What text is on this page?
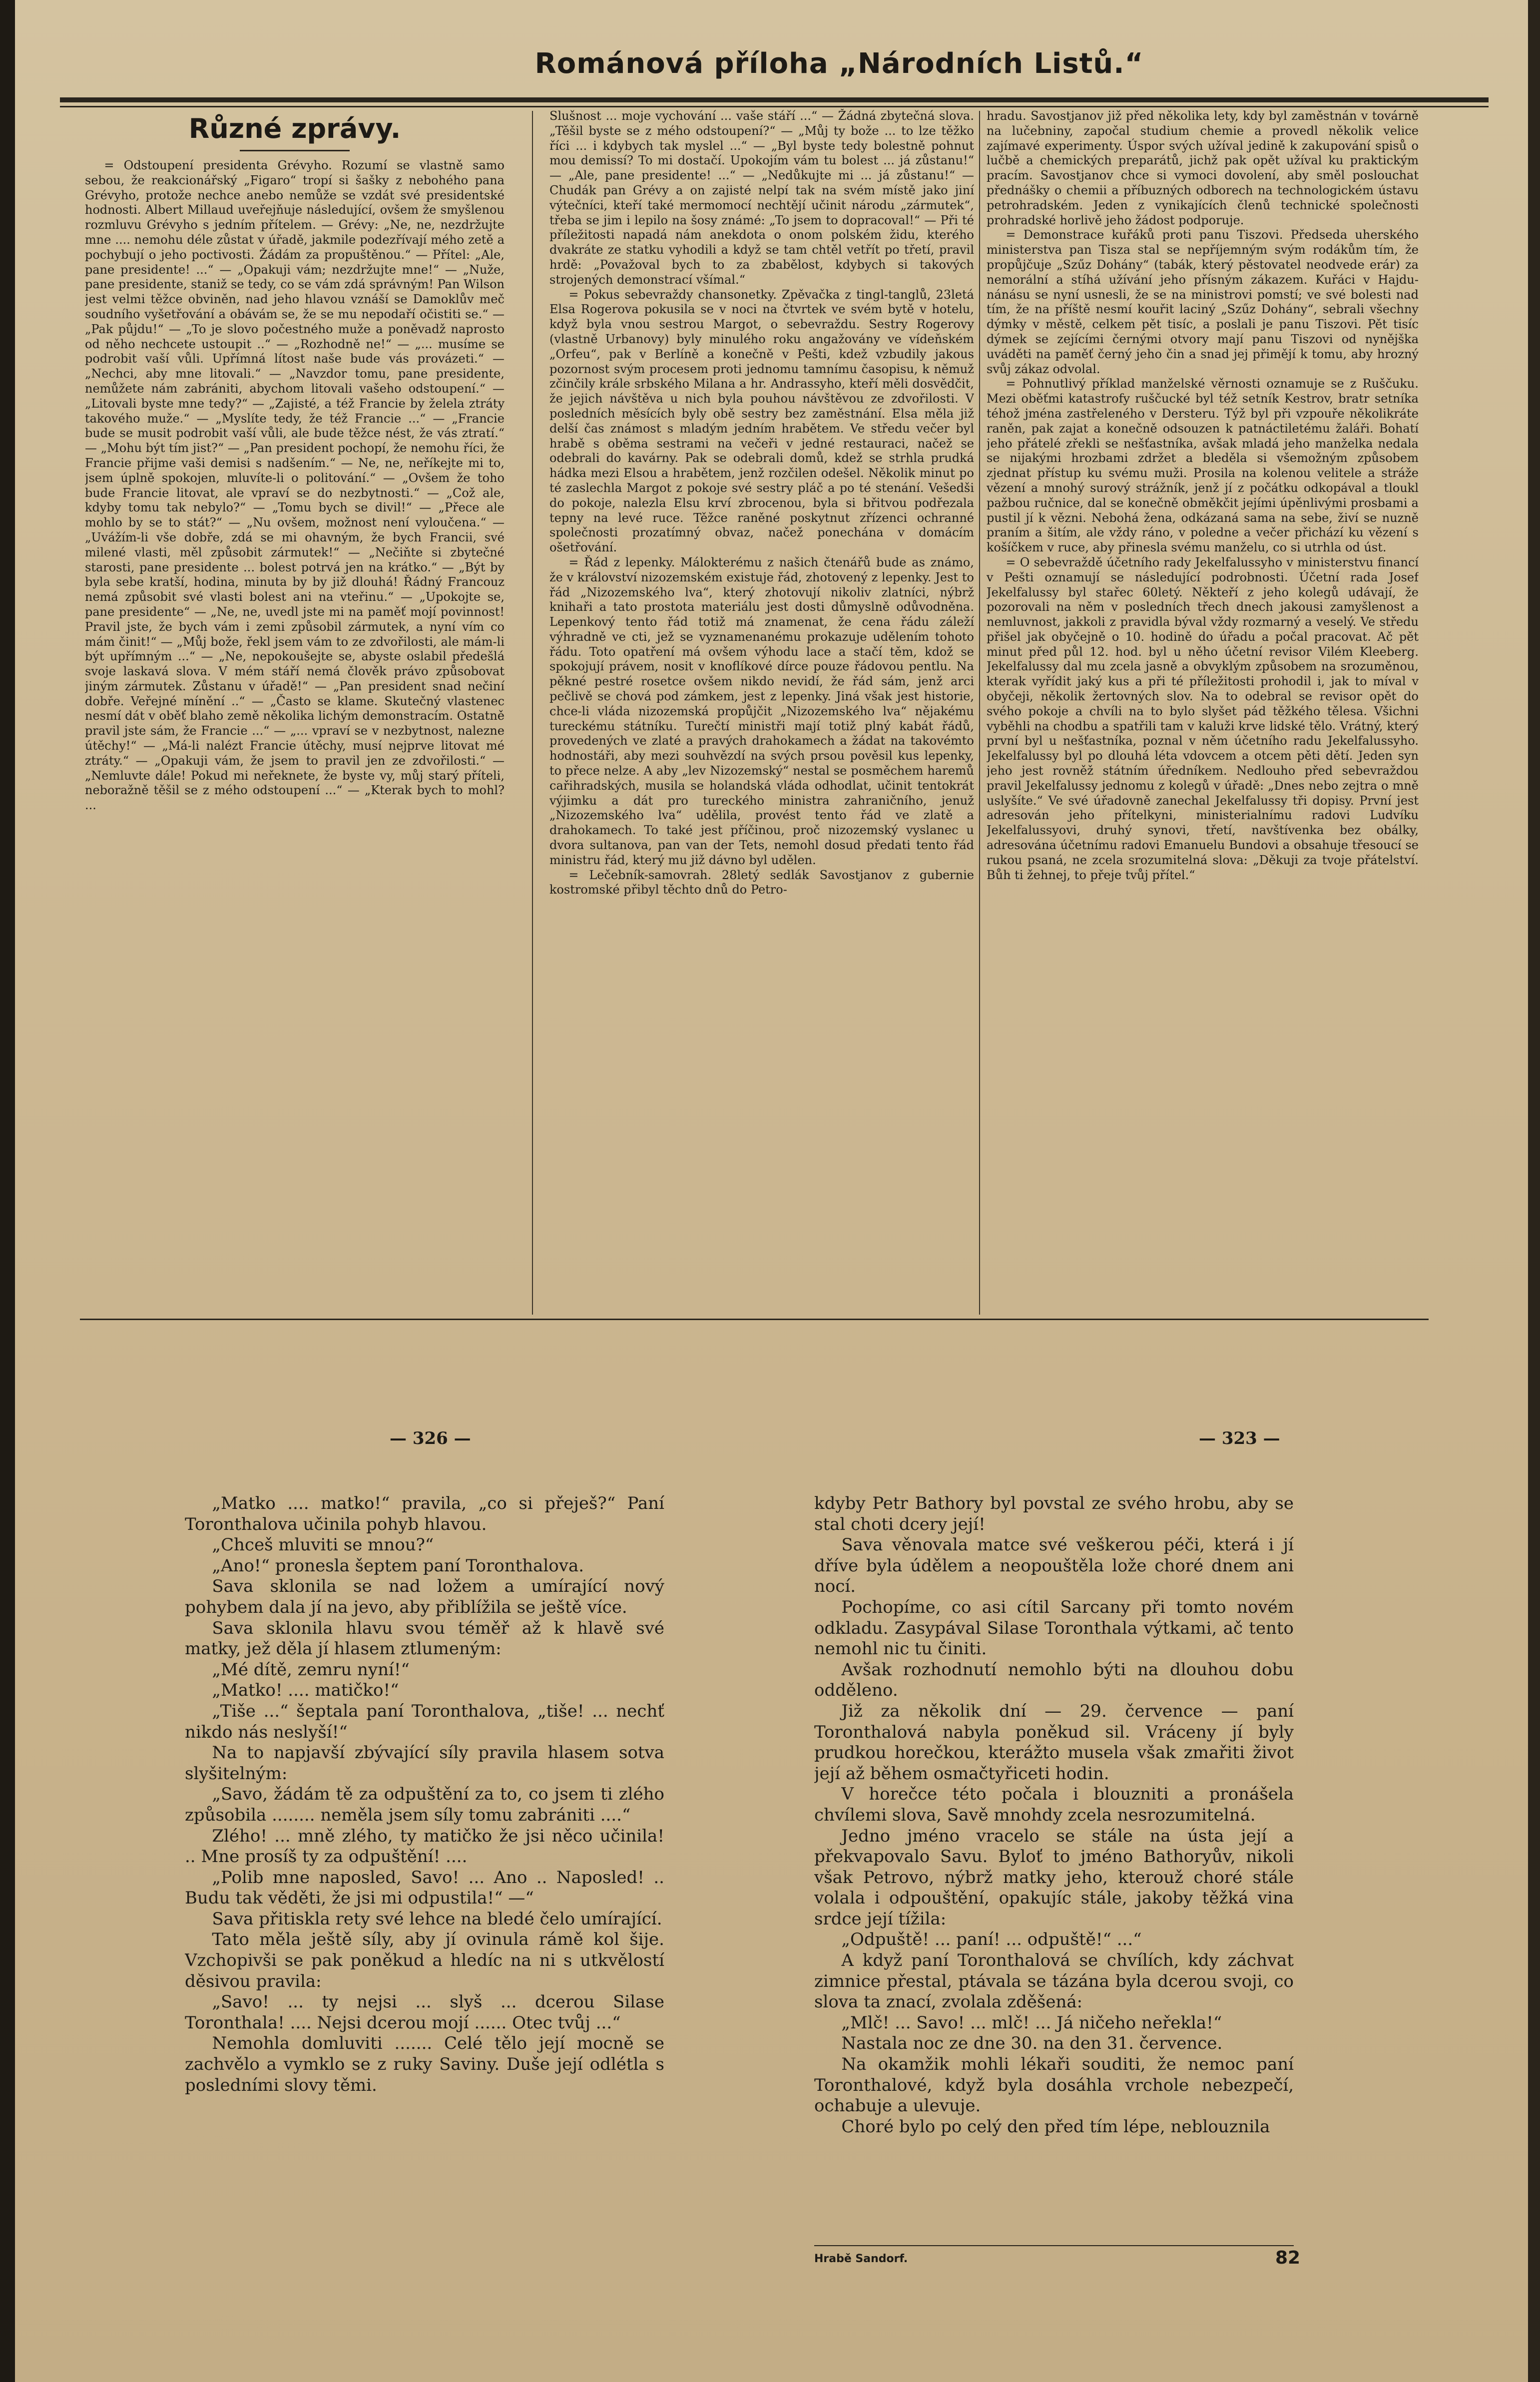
Románová příloha „Národních Listů.“
Různé zprávy.

= Odstoupení presidenta Grévyho. Rozumí se vlastně samo sebou, že reakcionářský „Figaro“ tropí si šašky z nebohého pana Grévyho, protože nechce anebo nemůže se vzdát své presidentské hodnosti. Albert Millaud uveřejňuje následující, ovšem že smyšlenou rozmluvu Grévyho s jedním přítelem. — Grévy: „Ne, ne, nezdržujte mne .... nemohu déle zůstat v úřadě, jakmile podezřívají mého zetě a pochybují o jeho poctivosti. Žádám za propuštěnou.“ — Přítel: „Ale, pane presidente! ...“ — „Opakuji vám; nezdržujte mne!“ — „Nuže, pane presidente, staniž se tedy, co se vám zdá správným! Pan Wilson jest velmi těžce obviněn, nad jeho hlavou vznáší se Damoklův meč soudního vyšetřování a obávám se, že se mu nepodaří očistiti se.“ — „Pak půjdu!“ — „To je slovo počestného muže a poněvadž naprosto od něho nechcete ustoupit ..“ — „Rozhodně ne!“ — „... musíme se podrobit vaší vůli. Upřímná lítost naše bude vás provázeti.“ — „Nechci, aby mne litovali.“ — „Navzdor tomu, pane presidente, nemůžete nám zabrániti, abychom litovali vašeho odstoupení.“ — „Litovali byste mne tedy?“ — „Zajisté, a též Francie by želela ztráty takového muže.“ — „Myslíte tedy, že též Francie ...“ — „Francie bude se musit podrobit vaší vůli, ale bude těžce nést, že vás ztratí.“ — „Mohu být tím jist?“ — „Pan president pochopí, že nemohu říci, že Francie přijme vaši demisi s nadšením.“ — Ne, ne, neříkejte mi to, jsem úplně spokojen, mluvíte-li o politování.“ — „Ovšem že toho bude Francie litovat, ale vpraví se do nezbytnosti.“ — „Což ale, kdyby tomu tak nebylo?“ — „Tomu bych se divil!“ — „Přece ale mohlo by se to stát?“ — „Nu ovšem, možnost není vyloučena.“ — „Uvážím-li vše dobře, zdá se mi ohavným, že bych Francii, své milené vlasti, měl způsobit zármutek!“ — „Nečiňte si zbytečné starosti, pane presidente ... bolest potrvá jen na krátko.“ — „Být by byla sebe kratší, hodina, minuta by by již dlouhá! Řádný Francouz nemá způsobit své vlasti bolest ani na vteřinu.“ — „Upokojte se, pane presidente“ — „Ne, ne, uvedl jste mi na paměť mojí povinnost! Pravil jste, že bych vám i zemi způsobil zármutek, a nyní vím co mám činit!“ — „Můj bože, řekl jsem vám to ze zdvořilosti, ale mám-li být upřímným ...“ — „Ne, nepokoušejte se, abyste oslabil předešlá svoje laskavá slova. V mém stáří nemá člověk právo způsobovat jiným zármutek. Zůstanu v úřadě!“ — „Pan president snad nečiní dobře. Veřejné mínění ..“ — „Často se klame. Skutečný vlastenec nesmí dát v oběť blaho země několika lichým demonstracím. Ostatně pravil jste sám, že Francie ...“ — „... vpraví se v nezbytnost, nalezne útěchy!“ — „Má-li nalézt Francie útěchy, musí nejprve litovat mé ztráty.“ — „Opakuji vám, že jsem to pravil jen ze zdvořilosti.“ — „Nemluvte dále! Pokud mi neřeknete, že byste vy, můj starý příteli, neboražně těšil se z mého odstoupení ...“ — „Kterak bych to mohl? ...

Slušnost ... moje vychování ... vaše stáří ...“ — Žádná zbytečná slova. „Těšil byste se z mého odstoupení?“ — „Můj ty bože ... to lze těžko říci ... i kdybych tak myslel ...“ — „Byl byste tedy bolestně pohnut mou demissí? To mi dostačí. Upokojím vám tu bolest ... já zůstanu!“ — „Ale, pane presidente! ...“ — „Nedůkujte mi ... já zůstanu!“ — Chudák pan Grévy a on zajisté nelpí tak na svém místě jako jiní výtečníci, kteří také mermomocí nechtějí učinit národu „zármutek“, třeba se jim i lepilo na šosy známé: „To jsem to dopracoval!“ — Při té příležitosti napadá nám anekdota o onom polském židu, kterého dvakráte ze statku vyhodili a když se tam chtěl vetřít po třetí, pravil hrdě: „Považoval bych to za zbabělost, kdybych si takových strojených demonstrací všímal.“

= Pokus sebevraždy chansonetky. Zpěvačka z tingl-tanglů, 23letá Elsa Rogerova pokusila se v noci na čtvrtek ve svém bytě v hotelu, když byla vnou sestrou Margot, o sebevraždu. Sestry Rogerovy (vlastně Urbanovy) byly minulého roku angažovány ve vídeňském „Orfeu“, pak v Berlíně a konečně v Pešti, kdež vzbudily jakous pozornost svým procesem proti jednomu tamnímu časopisu, k němuž zčinčily krále srbského Milana a hr. Andrassyho, kteří měli dosvědčit, že jejich návštěva u nich byla pouhou návštěvou ze zdvořilosti. V posledních měsících byly obě sestry bez zaměstnání. Elsa měla již delší čas známost s mladým jedním hrabětem. Ve středu večer byl hrabě s oběma sestrami na večeři v jedné restauraci, načež se odebrali do kavárny. Pak se odebrali domů, kdež se strhla prudká hádka mezi Elsou a hrabětem, jenž rozčilen odešel. Několik minut po té zaslechla Margot z pokoje své sestry pláč a po té stenání. Vešedši do pokoje, nalezla Elsu krví zbrocenou, byla si břitvou podřezala tepny na levé ruce. Těžce raněné poskytnut zřízenci ochranné společnosti prozatímný obvaz, načež ponechána v domácím ošetřování.

= Řád z lepenky. Málokterému z našich čtenářů bude as známo, že v království nizozemském existuje řád, zhotovený z lepenky. Jest to řád „Nizozemského lva“, který zhotovují nikoliv zlatníci, nýbrž knihaři a tato prostota materiálu jest dosti důmyslně odůvodněna. Lepenkový tento řád totiž má znamenat, že cena řádu záleží výhradně ve cti, jež se vyznamenanému prokazuje udělením tohoto řádu. Toto opatření má ovšem výhodu lace a stačí těm, kdož se spokojují právem, nosit v knoflíkové dírce pouze řádovou pentlu. Na pěkné pestré rosetce ovšem nikdo nevidí, že řád sám, jenž arci pečlivě se chová pod zámkem, jest z lepenky. Jiná však jest historie, chce-li vláda nizozemská propůjčit „Nizozemského lva“ nějakému tureckému státníku. Turečtí ministři mají totiž plný kabát řádů, provedených ve zlaté a pravých drahokamech a žádat na takovémto hodnostáři, aby mezi souhvězdí na svých prsou pověsil kus lepenky, to přece nelze. A aby „lev Nizozemský“ nestal se posměchem haremů cařihradských, musila se holandská vláda odhodlat, učinit tentokrát výjimku a dát pro tureckého ministra zahraničního, jenuž „Nizozemského lva“ udělila, provést tento řád ve zlatě a drahokamech. To také jest příčinou, proč nizozemský vyslanec u dvora sultanova, pan van der Tets, nemohl dosud předati tento řád ministru řád, který mu již dávno byl udělen.

= Lečebník-samovrah. 28letý sedlák Savostjanov z gubernie kostromské přibyl těchto dnů do Petro-

hradu. Savostjanov již před několika lety, kdy byl zaměstnán v továrně na lučebniny, započal studium chemie a provedl několik velice zajímavé experimenty. Úspor svých užíval jedině k zakupování spisů o lučbě a chemických preparátů, jichž pak opět užíval ku praktickým pracím. Savostjanov chce si vymoci dovolení, aby směl poslouchat přednášky o chemii a příbuzných odborech na technologickém ústavu petrohradském. Jeden z vynikajících členů technické společnosti prohradské horlivě jeho žádost podporuje.

= Demonstrace kuřáků proti panu Tiszovi. Předseda uherského ministerstva pan Tisza stal se nepříjemným svým rodákům tím, že propůjčuje „Szűz Dohány“ (tabák, který pěstovatel neodvede erár) za nemorální a stíhá užívání jeho přísným zákazem. Kuřáci v Hajdu-nánásu se nyní usnesli, že se na ministrovi pomstí; ve své bolesti nad tím, že na příště nesmí kouřit laciný „Szűz Dohány“, sebrali všechny dýmky v městě, celkem pět tisíc, a poslali je panu Tiszovi. Pět tisíc dýmek se zejícími černými otvory mají panu Tiszovi od nynějška uváděti na paměť černý jeho čin a snad jej přimějí k tomu, aby hrozný svůj zákaz odvolal.

= Pohnutlivý příklad manželské věrnosti oznamuje se z Ruščuku. Mezi oběťmi katastrofy ruščucké byl též setník Kestrov, bratr setníka téhož jména zastřeleného v Dersteru. Týž byl při vzpouře několikráte raněn, pak zajat a konečně odsouzen k patnáctiletému žaláři. Bohatí jeho přátelé zřekli se nešťastníka, avšak mladá jeho manželka nedala se nijakými hrozbami zdržet a bleděla si všemožným způsobem zjednat přístup ku svému muži. Prosila na kolenou velitele a stráže vězení a mnohý surový strážník, jenž jí z počátku odkopával a tloukl pažbou ručnice, dal se konečně obměkčit jejími úpěnlivými prosbami a pustil jí k vězni. Nebohá žena, odkázaná sama na sebe, živí se nuzně praním a šitím, ale vždy ráno, v poledne a večer přichází ku vězení s košíčkem v ruce, aby přinesla svému manželu, co si utrhla od úst.

= O sebevraždě účetního rady Jekelfalussyho v ministerstvu financí v Pešti oznamují se následující podrobnosti. Účetní rada Josef Jekelfalussy byl stařec 60letý. Někteří z jeho kolegů udávají, že pozorovali na něm v posledních třech dnech jakousi zamyšlenost a nemluvnost, jakkoli z pravidla býval vždy rozmarný a veselý. Ve středu přišel jak obyčejně o 10. hodině do úřadu a počal pracovat. Ač pět minut před půl 12. hod. byl u něho účetní revisor Vilém Kleeberg. Jekelfalussy dal mu zcela jasně a obvyklým způsobem na srozuměnou, kterak vyřídit jaký kus a při té příležitosti prohodil i, jak to míval v obyčeji, několik žertovných slov. Na to odebral se revisor opět do svého pokoje a chvíli na to bylo slyšet pád těžkého tělesa. Všichni vyběhli na chodbu a spatřili tam v kaluži krve lidské tělo. Vrátný, který první byl u nešťastníka, poznal v něm účetního radu Jekelfalussyho. Jekelfalussy byl po dlouhá léta vdovcem a otcem pěti dětí. Jeden syn jeho jest rovněž státním úředníkem. Nedlouho před sebevraždou pravil Jekelfalussy jednomu z kolegů v úřadě: „Dnes nebo zejtra o mně uslyšíte.“ Ve své úřadovně zanechal Jekelfalussy tři dopisy. První jest adresován jeho přítelkyni, ministerialnímu radovi Ludvíku Jekelfalussyovi, druhý synovi, třetí, navštívenka bez obálky, adresována účetnímu radovi Emanuelu Bundovi a obsahuje třesoucí se rukou psaná, ne zcela srozumitelná slova: „Děkuji za tvoje přátelství. Bůh ti žehnej, to přeje tvůj přítel.“

— 326 —	— 323 —

„Matko .... matko!“ pravila, „co si přeješ?“ Paní Toronthalova učinila pohyb hlavou.

„Chceš mluviti se mnou?“

„Ano!“ pronesla šeptem paní Toronthalova.

Sava sklonila se nad ložem a umírající nový pohybem dala jí na jevo, aby přiblížila se ještě více.

Sava sklonila hlavu svou téměř až k hlavě své matky, jež děla jí hlasem ztlumeným:

„Mé dítě, zemru nyní!“

„Matko! .... matičko!“

„Tiše ...“ šeptala paní Toronthalova, „tiše! ... nechť nikdo nás neslyší!“

Na to napjavší zbývající síly pravila hlasem sotva slyšitelným:

„Savo, žádám tě za odpuštění za to, co jsem ti zlého způsobila ........ neměla jsem síly tomu zabrániti ....“

Zlého! ... mně zlého, ty matičko že jsi něco učinila! .. Mne prosíš ty za odpuštění! ....

„Polib mne naposled, Savo! ... Ano .. Naposled! .. Budu tak věděti, že jsi mi odpustila!“ —“

Sava přitiskla rety své lehce na bledé čelo umírající.

Tato měla ještě síly, aby jí ovinula rámě kol šije. Vzchopivši se pak poněkud a hledíc na ni s utkvělostí děsivou pravila:

„Savo! ... ty nejsi ... slyš ... dcerou Silase Toronthala! .... Nejsi dcerou mojí ...... Otec tvůj ...“

Nemohla domluviti ....... Celé tělo její mocně se zachvělo a vymklo se z ruky Saviny. Duše její odlétla s posledními slovy těmi.

kdyby Petr Bathory byl povstal ze svého hrobu, aby se stal choti dcery její!

Sava věnovala matce své veškerou péči, která i jí dříve byla údělem a neopouštěla lože choré dnem ani nocí.

Pochopíme, co asi cítil Sarcany při tomto novém odkladu. Zasypával Silase Toronthala výtkami, ač tento nemohl nic tu činiti.

Avšak rozhodnutí nemohlo býti na dlouhou dobu odděleno.

Již za několik dní — 29. července — paní Toronthalová nabyla poněkud sil. Vráceny jí byly prudkou horečkou, kterážto musela však zmařiti život její až během osmačtyřiceti hodin.

V horečce této počala i blouzniti a pronášela chvílemi slova, Savě mnohdy zcela nesrozumitelná.

Jedno jméno vracelo se stále na ústa její a překvapovalo Savu. Byloť to jméno Bathoryův, nikoli však Petrovo, nýbrž matky jeho, kterouž choré stále volala i odpouštění, opakujíc stále, jakoby těžká vina srdce její tížila:

„Odpuště! ... paní! ... odpuště!“ ...“

A když paní Toronthalová se chvílích, kdy záchvat zimnice přestal, ptávala se tázána byla dcerou svoji, co slova ta znací, zvolala zděšená:

„Mlč! ... Savo! ... mlč! ... Já ničeho neřekla!“

Nastala noc ze dne 30. na den 31. července.

Na okamžik mohli lékaři souditi, že nemoc paní Toronthalové, když byla dosáhla vrchole nebezpečí, ochabuje a ulevuje.

Choré bylo po celý den před tím lépe, neblouznila

Hrabě Sandorf.	82
